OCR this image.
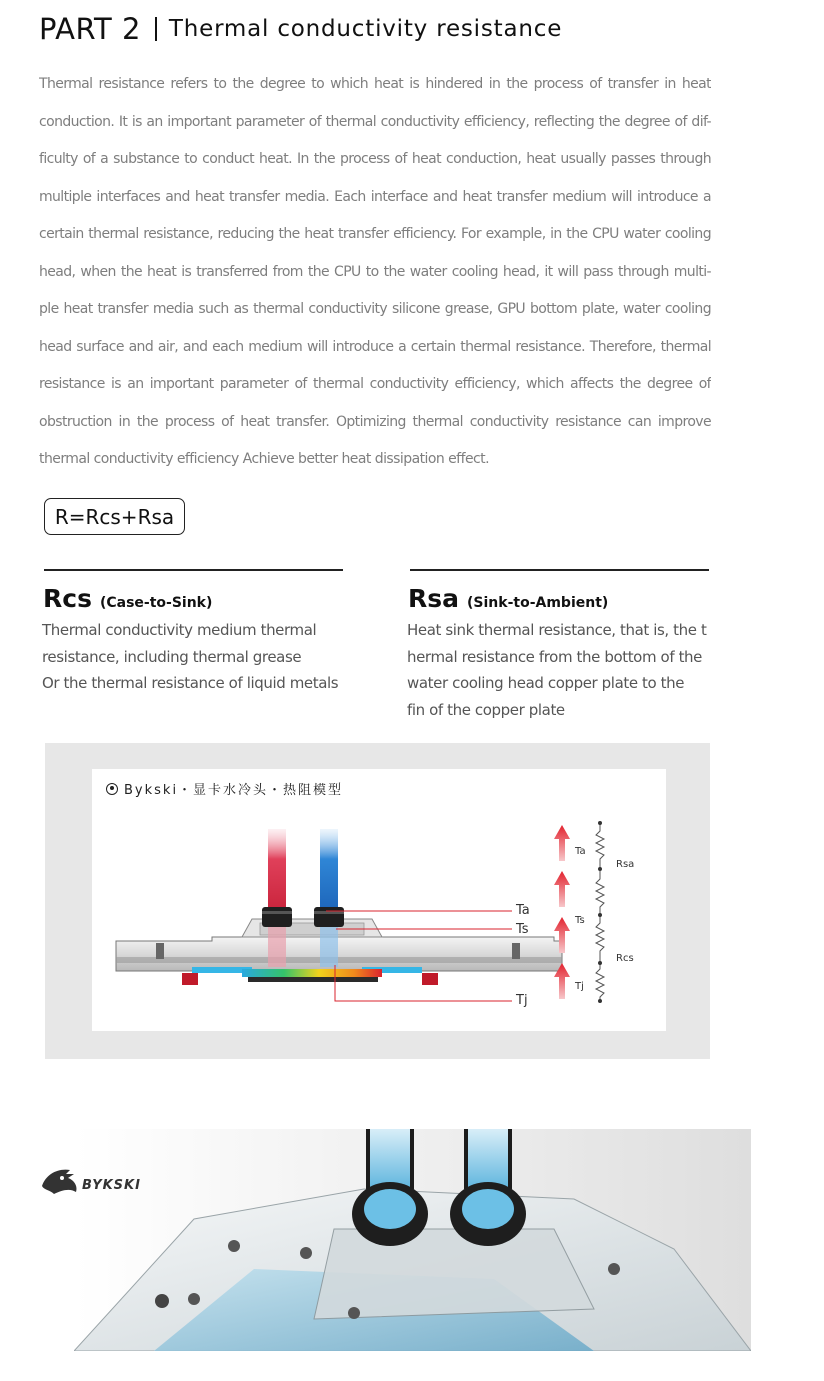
PART 2 Thermal conductivity resistance
Thermal resistance refers to the degree to which heat is hindered in the process of transfer in heat
conduction. It is an important parameter of thermal conductivity efficiency, reflecting the degree of dif-
ficulty of a substance to conduct heat. In the process of heat conduction, heat usually passes through
multiple interfaces and heat transfer media. Each interface and heat transfer medium will introduce a
certain thermal resistance, reducing the heat transfer efficiency. For example, in the CPU water cooling
head, when the heat is transferred from the CPU to the water cooling head, it will pass through multi-
ple heat transfer media such as thermal conductivity silicone grease, GPU bottom plate, water cooling
head surface and air, and each medium will introduce a certain thermal resistance. Therefore, thermal
resistance is an important parameter of thermal conductivity efficiency, which affects the degree of
obstruction in the process of heat transfer. Optimizing thermal conductivity resistance can improve
thermal conductivity efficiency Achieve better heat dissipation effect.
R=Rcs+Rsa
Rcs (Case-to-Sink)
Thermal conductivity medium thermal
resistance, including thermal grease
Or the thermal resistance of liquid metals
Rsa (Sink-to-Ambient)
Heat sink thermal resistance, that is, the t
hermal resistance from the bottom of the
water cooling head copper plate to the
fin of the copper plate
Bykski・显卡水冷头・热阻模型
Ta
Ts
Tj
Ta
Ts
Tj
Rsa
Rcs
BYKSKI
